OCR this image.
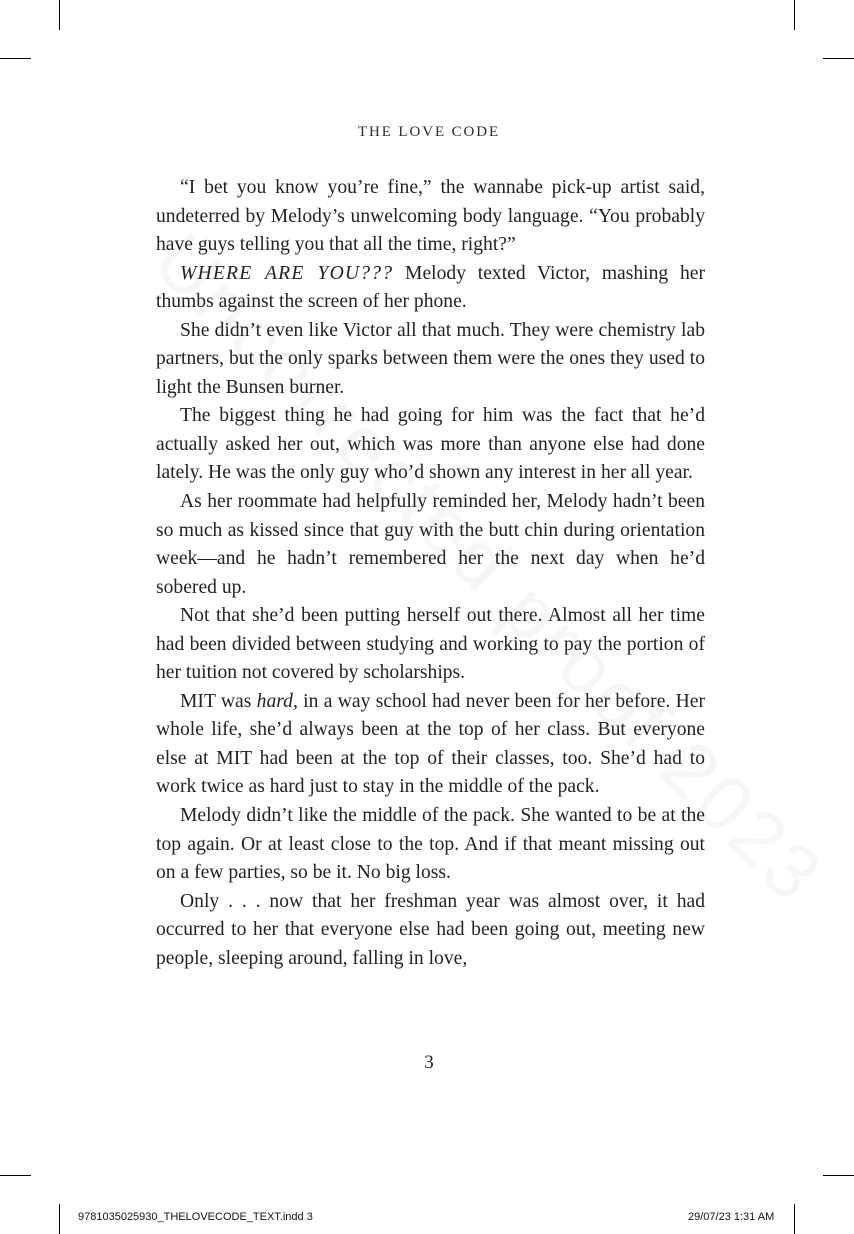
THE LOVE CODE

“I bet you know you’re fine,” the wannabe pick-up artist said, undeterred by Melody’s unwelcoming body language. “You probably have guys telling you that all the time, right?”

WHERE ARE YOU??? Melody texted Victor, mashing her thumbs against the screen of her phone.

She didn’t even like Victor all that much. They were chemistry lab partners, but the only sparks between them were the ones they used to light the Bunsen burner.

The biggest thing he had going for him was the fact that he’d actually asked her out, which was more than anyone else had done lately. He was the only guy who’d shown any interest in her all year.

As her roommate had helpfully reminded her, Melody hadn’t been so much as kissed since that guy with the butt chin during orientation week—and he hadn’t remembered her the next day when he’d sobered up.

Not that she’d been putting herself out there. Almost all her time had been divided between studying and working to pay the portion of her tuition not covered by scholarships.

MIT was hard, in a way school had never been for her before. Her whole life, she’d always been at the top of her class. But everyone else at MIT had been at the top of their classes, too. She’d had to work twice as hard just to stay in the middle of the pack.

Melody didn’t like the middle of the pack. She wanted to be at the top again. Or at least close to the top. And if that meant missing out on a few parties, so be it. No big loss.

Only . . . now that her freshman year was almost over, it had occurred to her that everyone else had been going out, meeting new people, sleeping around, falling in love,

3
9781035025930_THELOVECODE_TEXT.indd 3	29/07/23 1:31 AM
